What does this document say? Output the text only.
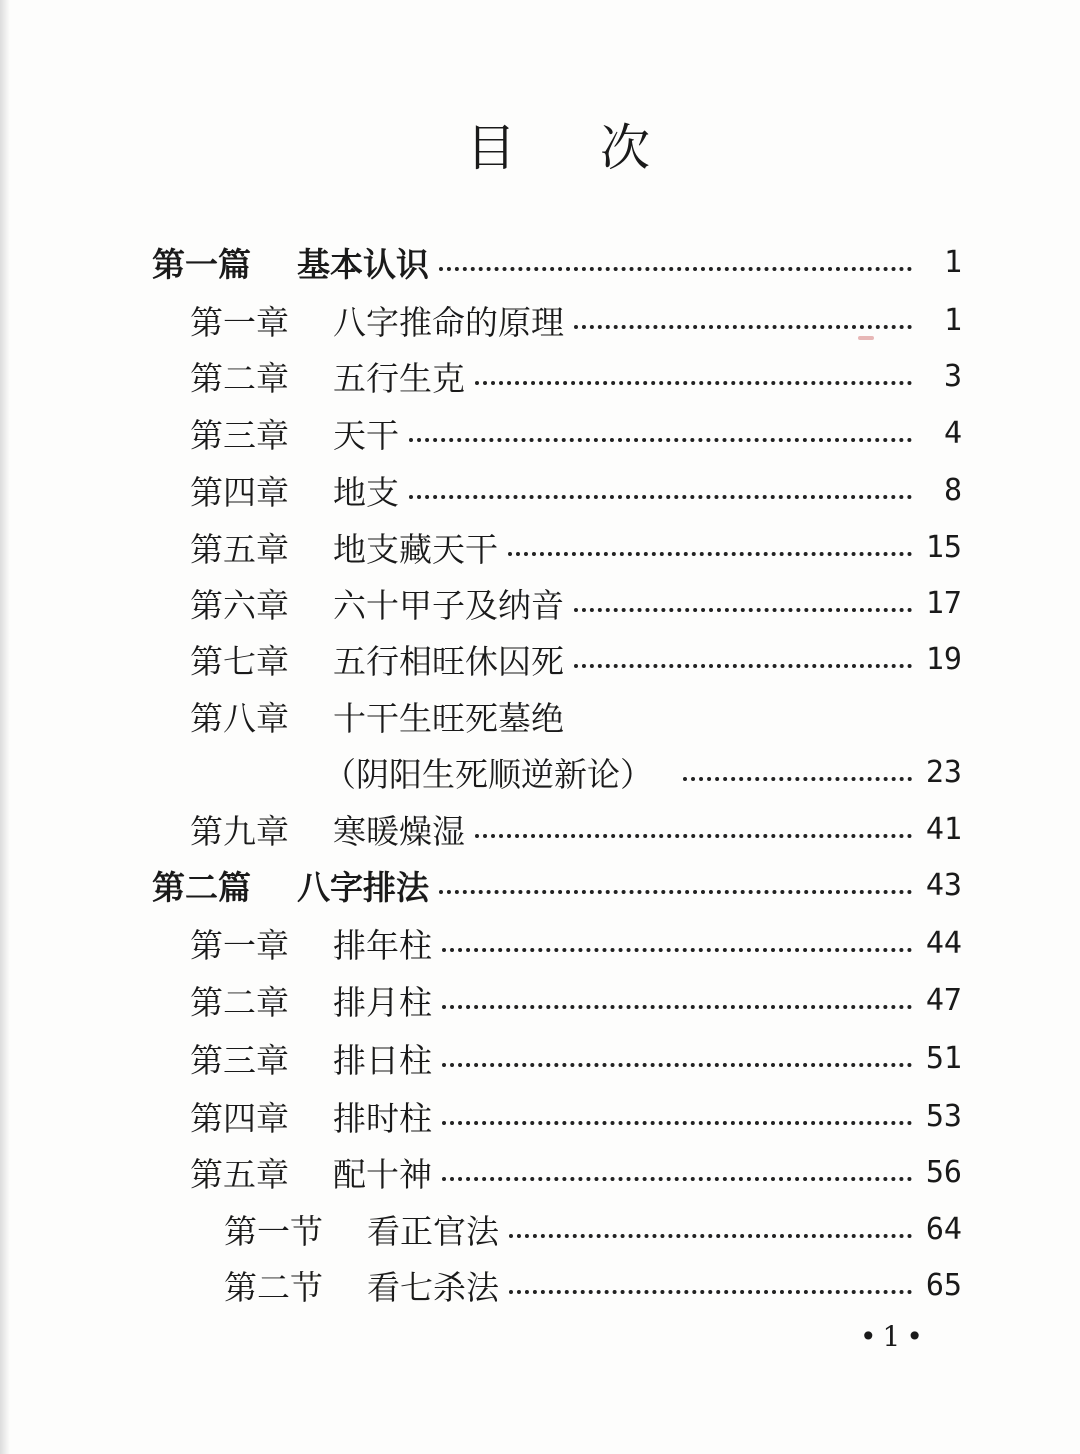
目 次
第一篇	基本认识	1
第一章	八字推命的原理	1
第二章	五行生克	3
第三章	天干	4
第四章	地支	8
第五章	地支藏天干	15
第六章	六十甲子及纳音	17
第七章	五行相旺休囚死	19
第八章	十干生旺死墓绝
（阴阳生死顺逆新论）	23
第九章	寒暖燥湿	41
第二篇	八字排法	43
第一章	排年柱	44
第二章	排月柱	47
第三章	排日柱	51
第四章	排时柱	53
第五章	配十神	56
第一节	看正官法	64
第二节	看七杀法	65
•1•
